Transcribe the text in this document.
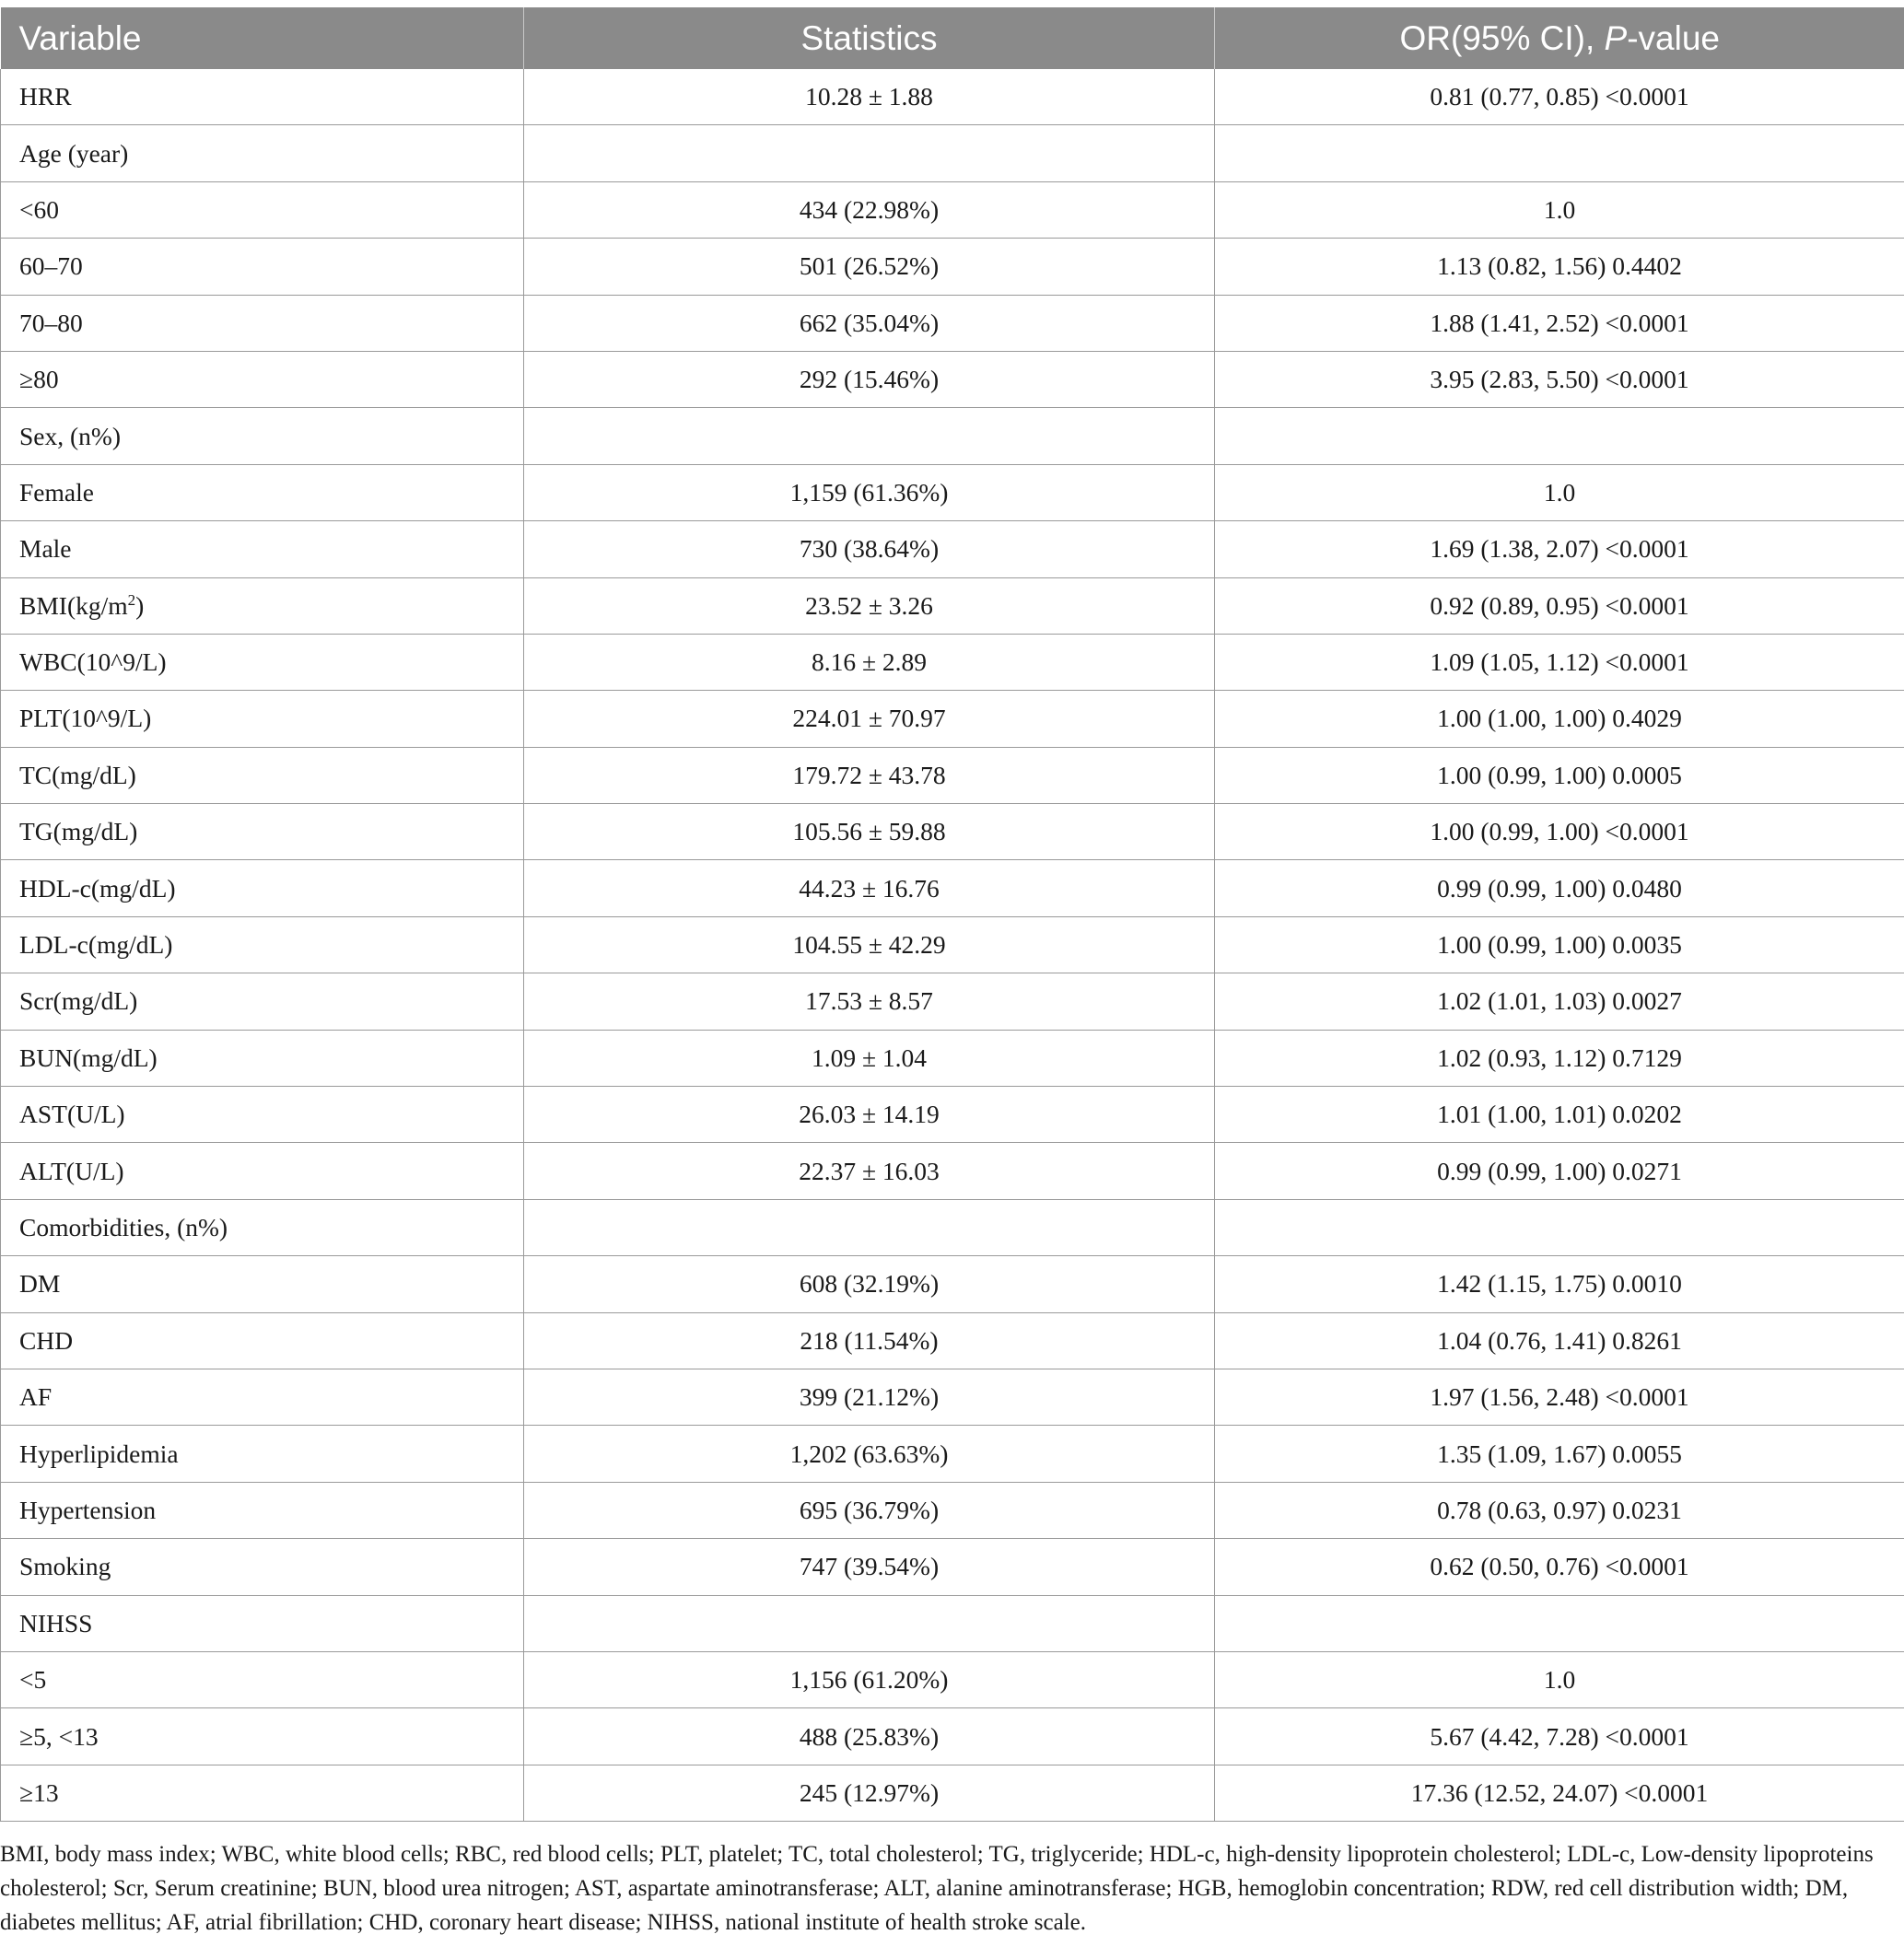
Variable	Statistics	OR(95% CI), P-value
HRR	10.28 ± 1.88	0.81 (0.77, 0.85) <0.0001
Age (year)		
<60	434 (22.98%)	1.0
60–70	501 (26.52%)	1.13 (0.82, 1.56) 0.4402
70–80	662 (35.04%)	1.88 (1.41, 2.52) <0.0001
≥80	292 (15.46%)	3.95 (2.83, 5.50) <0.0001
Sex, (n%)		
Female	1,159 (61.36%)	1.0
Male	730 (38.64%)	1.69 (1.38, 2.07) <0.0001
$BMI(kg/m^2)$	23.52 ± 3.26	0.92 (0.89, 0.95) <0.0001
WBC(10^9/L)	8.16 ± 2.89	1.09 (1.05, 1.12) <0.0001
PLT(10^9/L)	224.01 ± 70.97	1.00 (1.00, 1.00) 0.4029
TC(mg/dL)	179.72 ± 43.78	1.00 (0.99, 1.00) 0.0005
TG(mg/dL)	105.56 ± 59.88	1.00 (0.99, 1.00) <0.0001
HDL-c(mg/dL)	44.23 ± 16.76	0.99 (0.99, 1.00) 0.0480
LDL-c(mg/dL)	104.55 ± 42.29	1.00 (0.99, 1.00) 0.0035
Scr(mg/dL)	17.53 ± 8.57	1.02 (1.01, 1.03) 0.0027
BUN(mg/dL)	1.09 ± 1.04	1.02 (0.93, 1.12) 0.7129
AST(U/L)	26.03 ± 14.19	1.01 (1.00, 1.01) 0.0202
ALT(U/L)	22.37 ± 16.03	0.99 (0.99, 1.00) 0.0271
Comorbidities, (n%)		
DM	608 (32.19%)	1.42 (1.15, 1.75) 0.0010
CHD	218 (11.54%)	1.04 (0.76, 1.41) 0.8261
AF	399 (21.12%)	1.97 (1.56, 2.48) <0.0001
Hyperlipidemia	1,202 (63.63%)	1.35 (1.09, 1.67) 0.0055
Hypertension	695 (36.79%)	0.78 (0.63, 0.97) 0.0231
Smoking	747 (39.54%)	0.62 (0.50, 0.76) <0.0001
NIHSS		
<5	1,156 (61.20%)	1.0
≥5, <13	488 (25.83%)	5.67 (4.42, 7.28) <0.0001
≥13	245 (12.97%)	17.36 (12.52, 24.07) <0.0001
BMI, body mass index; WBC, white blood cells; RBC, red blood cells; PLT, platelet; TC, total cholesterol; TG, triglyceride; HDL-c, high-density lipoprotein cholesterol; LDL-c, Low-density lipoproteins cholesterol; Scr, Serum creatinine; BUN, blood urea nitrogen; AST, aspartate aminotransferase; ALT, alanine aminotransferase; HGB, hemoglobin concentration; RDW, red cell distribution width; DM, diabetes mellitus; AF, atrial fibrillation; CHD, coronary heart disease; NIHSS, national institute of health stroke scale.
